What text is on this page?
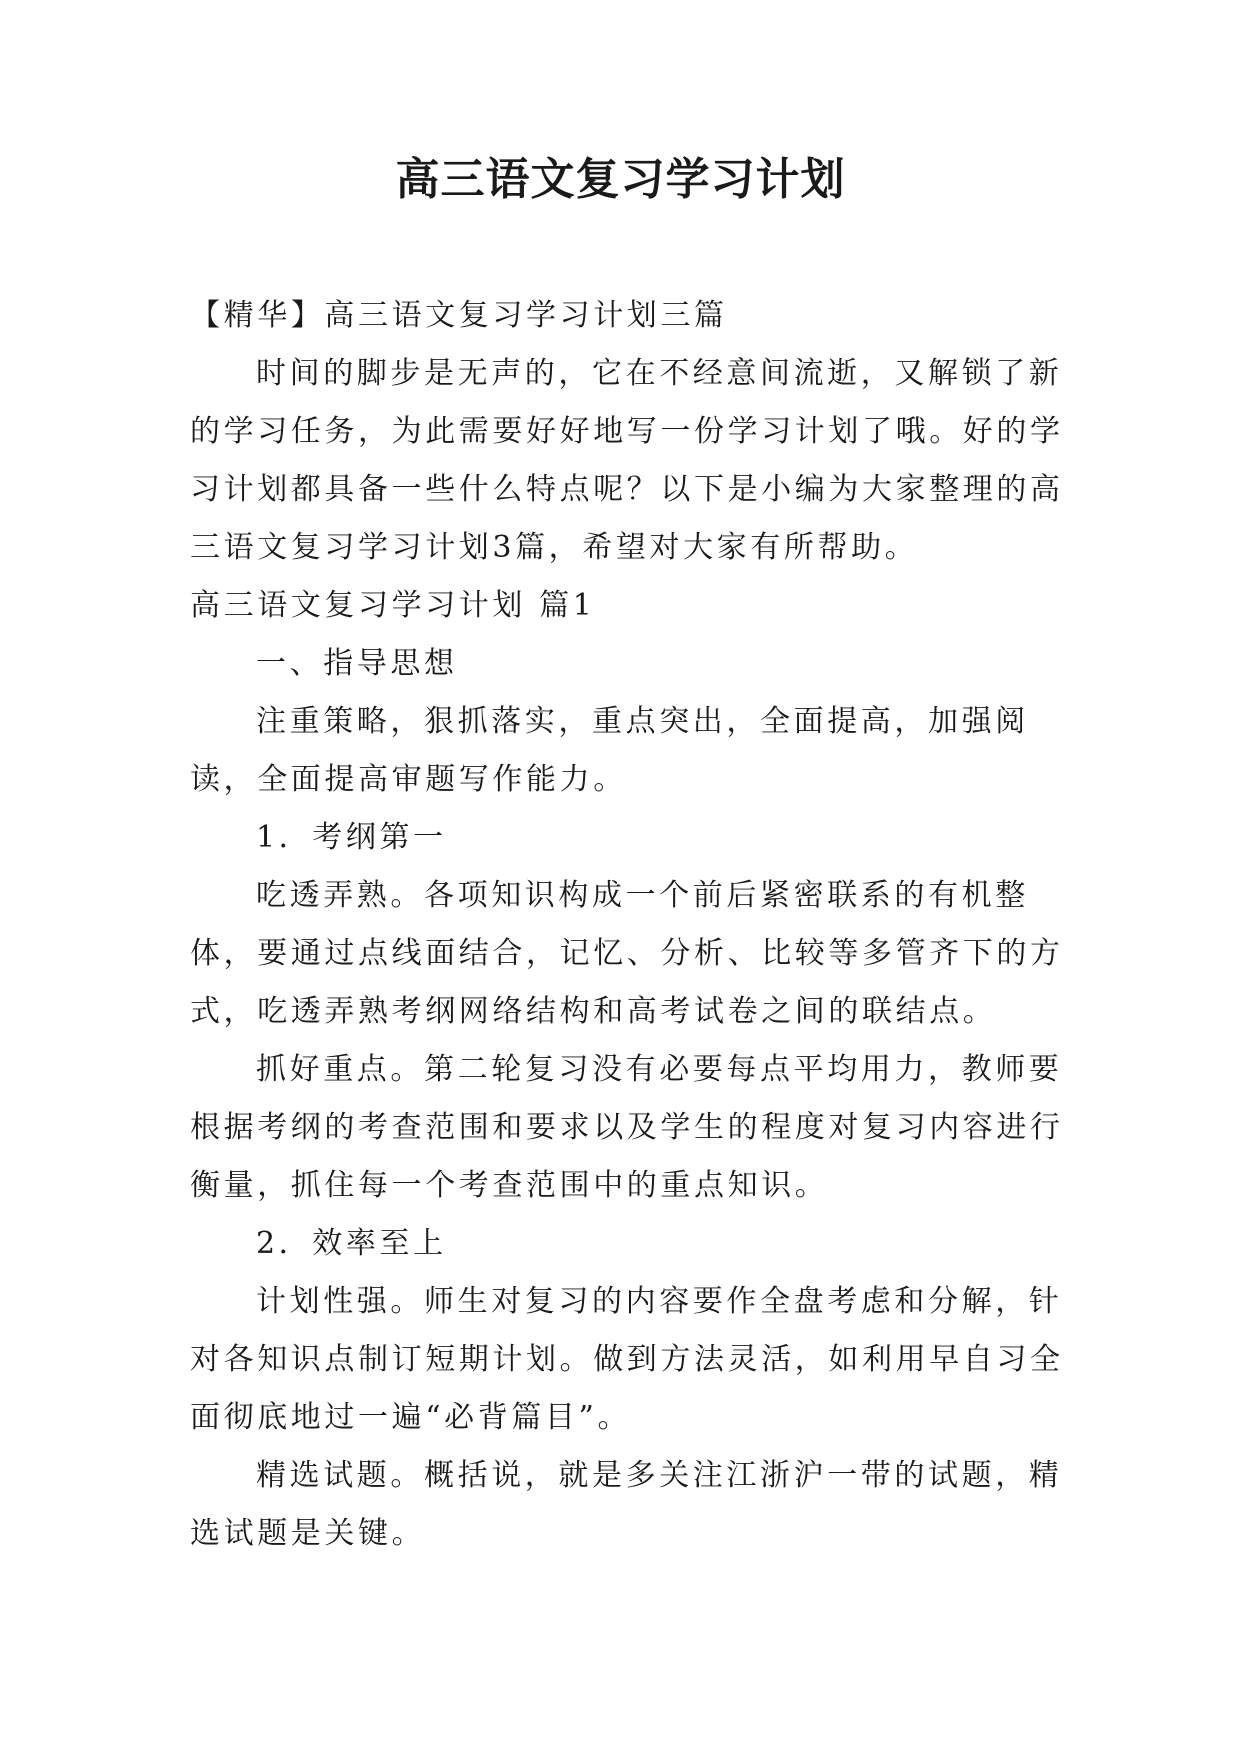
高三语文复习学习计划

【精华】高三语文复习学习计划三篇

时间的脚步是无声的，它在不经意间流逝，又解锁了新的学习任务，为此需要好好地写一份学习计划了哦。好的学习计划都具备一些什么特点呢？以下是小编为大家整理的高三语文复习学习计划3篇，希望对大家有所帮助。

高三语文复习学习计划 篇1

一、指导思想

注重策略，狠抓落实，重点突出，全面提高，加强阅读，全面提高审题写作能力。

1．考纲第一

吃透弄熟。各项知识构成一个前后紧密联系的有机整体，要通过点线面结合，记忆、分析、比较等多管齐下的方式，吃透弄熟考纲网络结构和高考试卷之间的联结点。

抓好重点。第二轮复习没有必要每点平均用力，教师要根据考纲的考查范围和要求以及学生的程度对复习内容进行衡量，抓住每一个考查范围中的重点知识。

2．效率至上

计划性强。师生对复习的内容要作全盘考虑和分解，针对各知识点制订短期计划。做到方法灵活，如利用早自习全面彻底地过一遍“必背篇目”。

精选试题。概括说，就是多关注江浙沪一带的试题，精选试题是关键。
